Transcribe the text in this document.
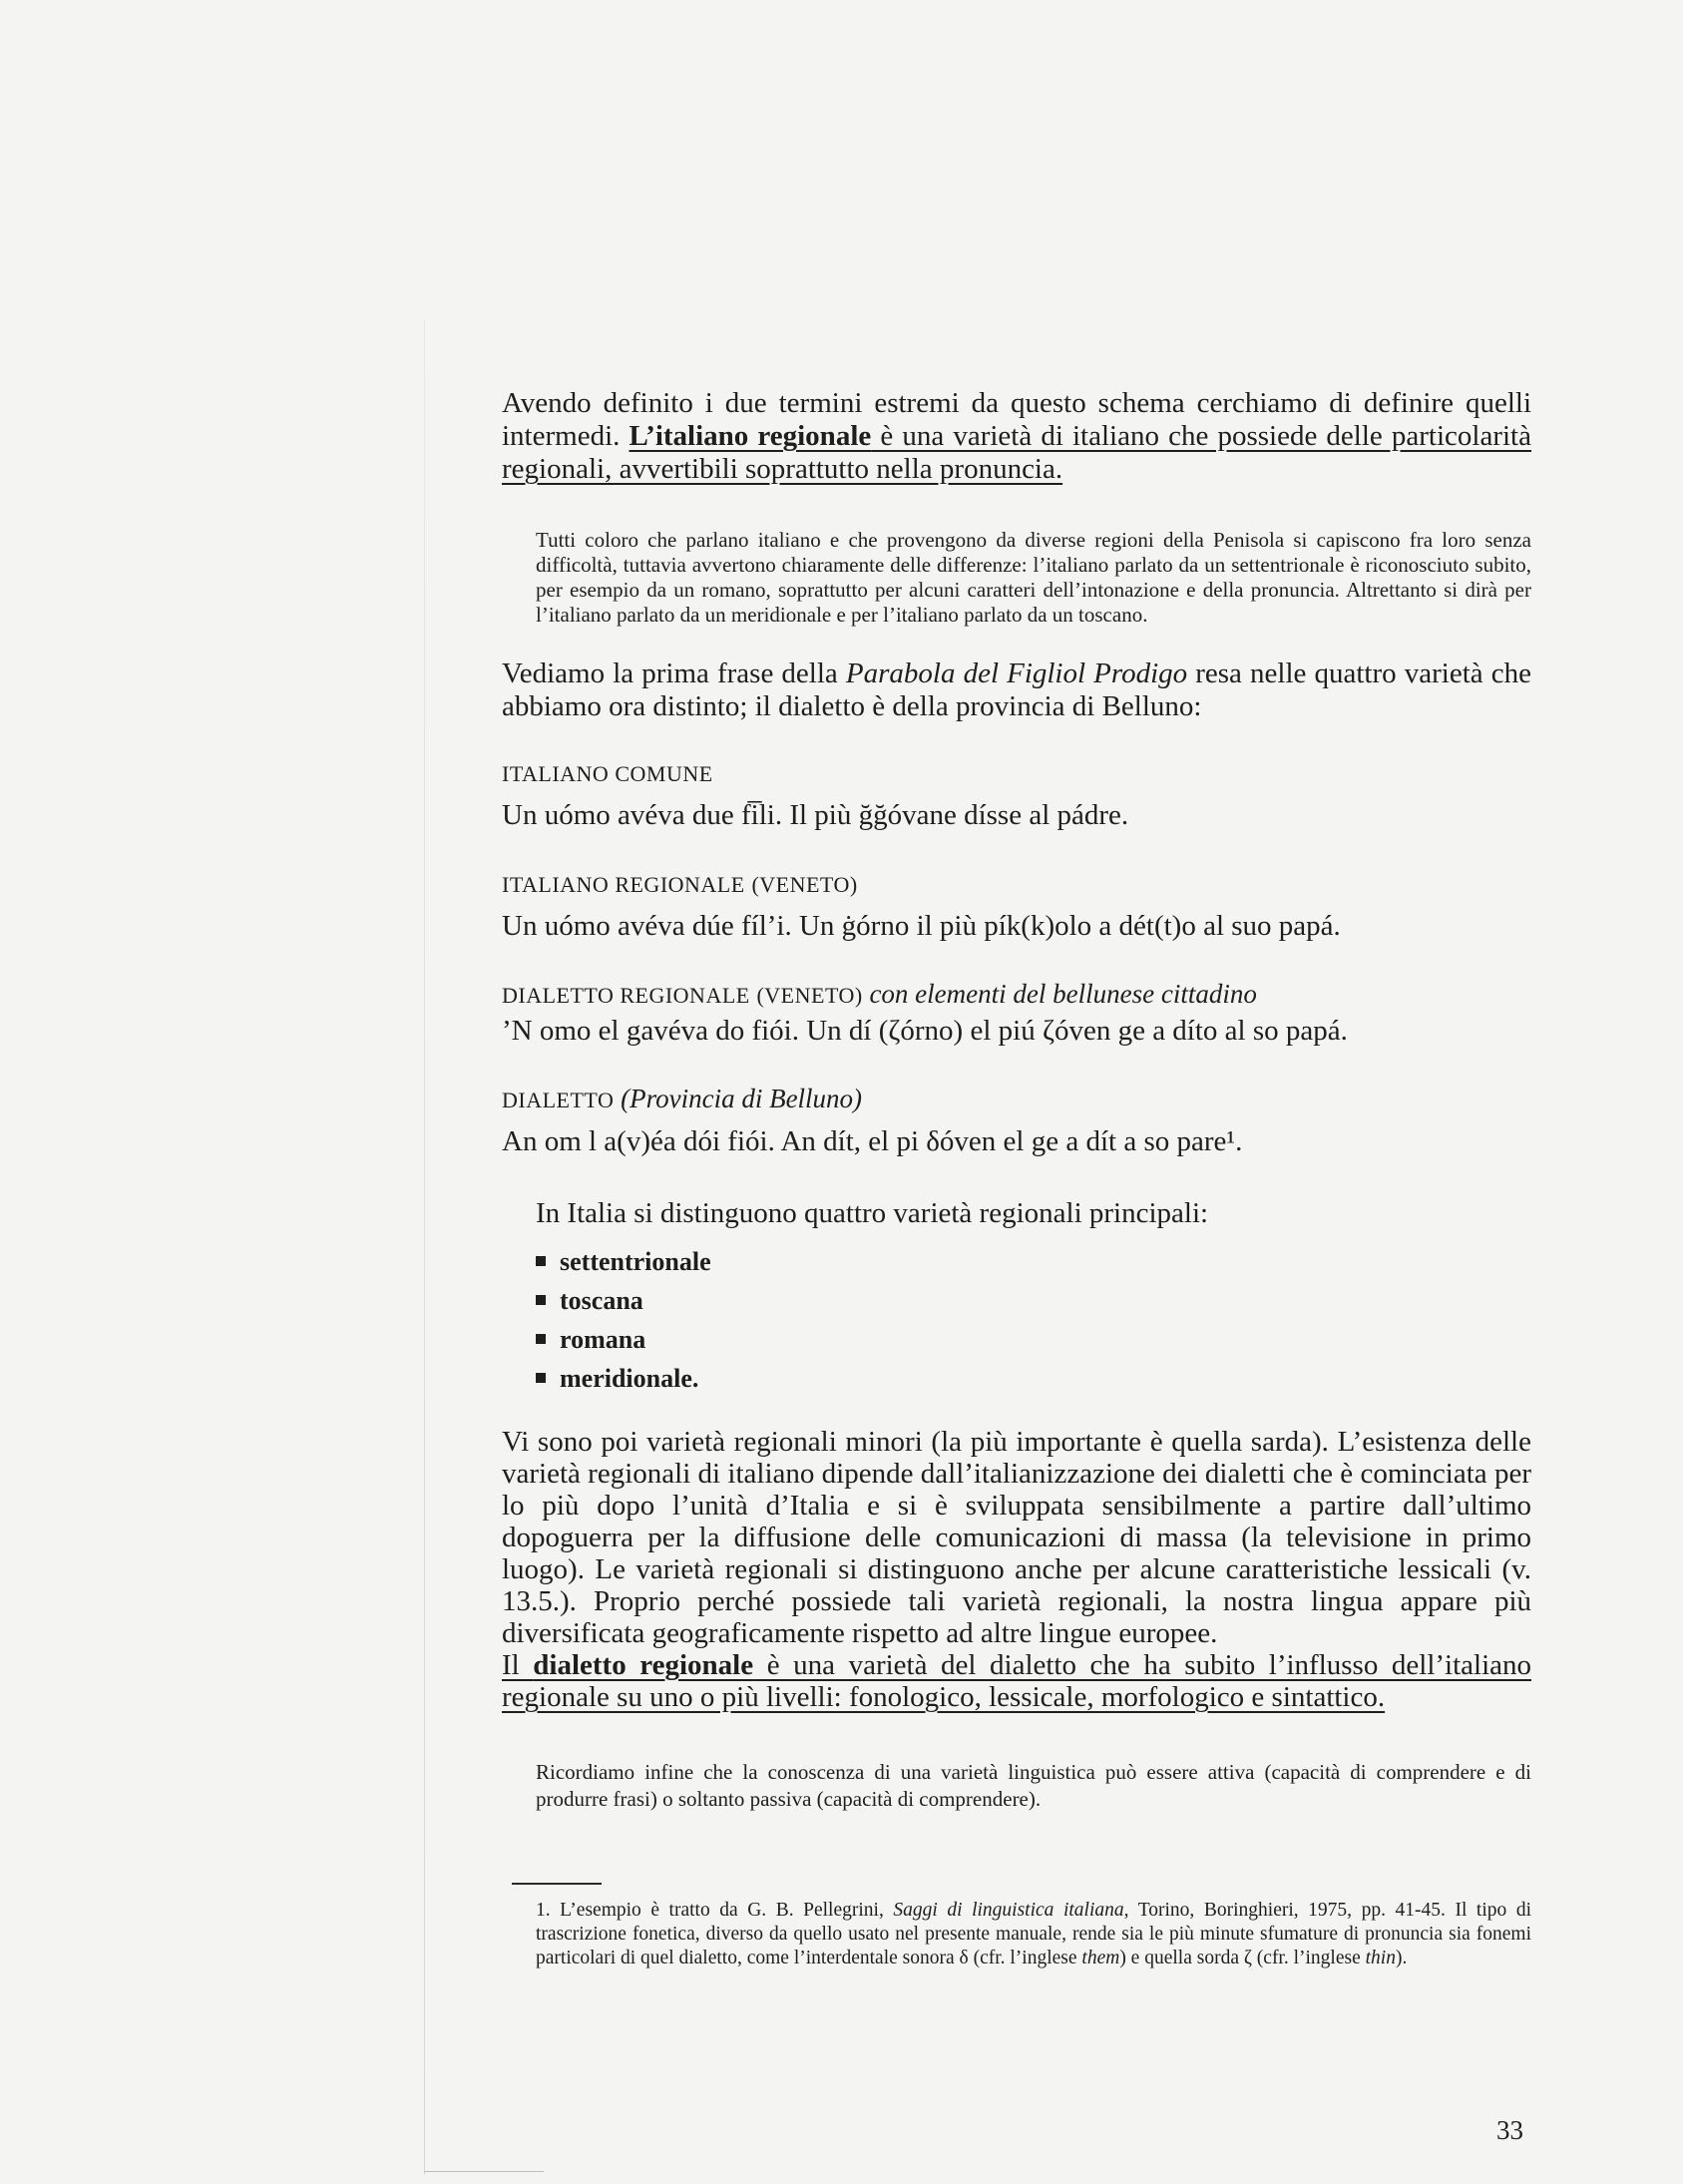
Avendo definito i due termini estremi da questo schema cerchiamo di definire quelli intermedi. L’italiano regionale è una varietà di italiano che possiede delle particolarità regionali, avvertibili soprattutto nella pronuncia.

Tutti coloro che parlano italiano e che provengono da diverse regioni della Penisola si capiscono fra loro senza difficoltà, tuttavia avvertono chiaramente delle differenze: l’italiano parlato da un settentrionale è riconosciuto subito, per esempio da un romano, soprattutto per alcuni caratteri dell’intonazione e della pronuncia. Altrettanto si dirà per l’italiano parlato da un meridionale e per l’italiano parlato da un toscano.

Vediamo la prima frase della Parabola del Figliol Prodigo resa nelle quattro varietà che abbiamo ora distinto; il dialetto è della provincia di Belluno:

ITALIANO COMUNE
Un uómo avéva due fi̅li. Il più ğğóvane dísse al pádre.
ITALIANO REGIONALE (VENETO)
Un uómo avéva dúe fíl’i. Un ġórno il più pík(k)olo a dét(t)o al suo papá.
DIALETTO REGIONALE (VENETO) con elementi del bellunese cittadino
’N omo el gavéva do fiói. Un dí (ζórno) el piú ζóven ge a díto al so papá.
DIALETTO (Provincia di Belluno)
An om l a(v)éa dói fiói. An dít, el pi δóven el ge a dít a so pare¹.
In Italia si distinguono quattro varietà regionali principali:
settentrionale
toscana
romana
meridionale.

Vi sono poi varietà regionali minori (la più importante è quella sarda). L’esistenza delle varietà regionali di italiano dipende dall’italianizzazione dei dialetti che è cominciata per lo più dopo l’unità d’Italia e si è sviluppata sensibilmente a partire dall’ultimo dopoguerra per la diffusione delle comunicazioni di massa (la televisione in primo luogo). Le varietà regionali si distinguono anche per alcune caratteristiche lessicali (v. 13.5.). Proprio perché possiede tali varietà regionali, la nostra lingua appare più diversificata geograficamente rispetto ad altre lingue europee.

Il dialetto regionale è una varietà del dialetto che ha subito l’influsso dell’italiano regionale su uno o più livelli: fonologico, lessicale, morfologico e sintattico.

Ricordiamo infine che la conoscenza di una varietà linguistica può essere attiva (capacità di comprendere e di produrre frasi) o soltanto passiva (capacità di comprendere).

1. L’esempio è tratto da G. B. Pellegrini, Saggi di linguistica italiana, Torino, Boringhieri, 1975, pp. 41-45. Il tipo di trascrizione fonetica, diverso da quello usato nel presente manuale, rende sia le più minute sfumature di pronuncia sia fonemi particolari di quel dialetto, come l’interdentale sonora δ (cfr. l’inglese them) e quella sorda ζ (cfr. l’inglese thin).

33
